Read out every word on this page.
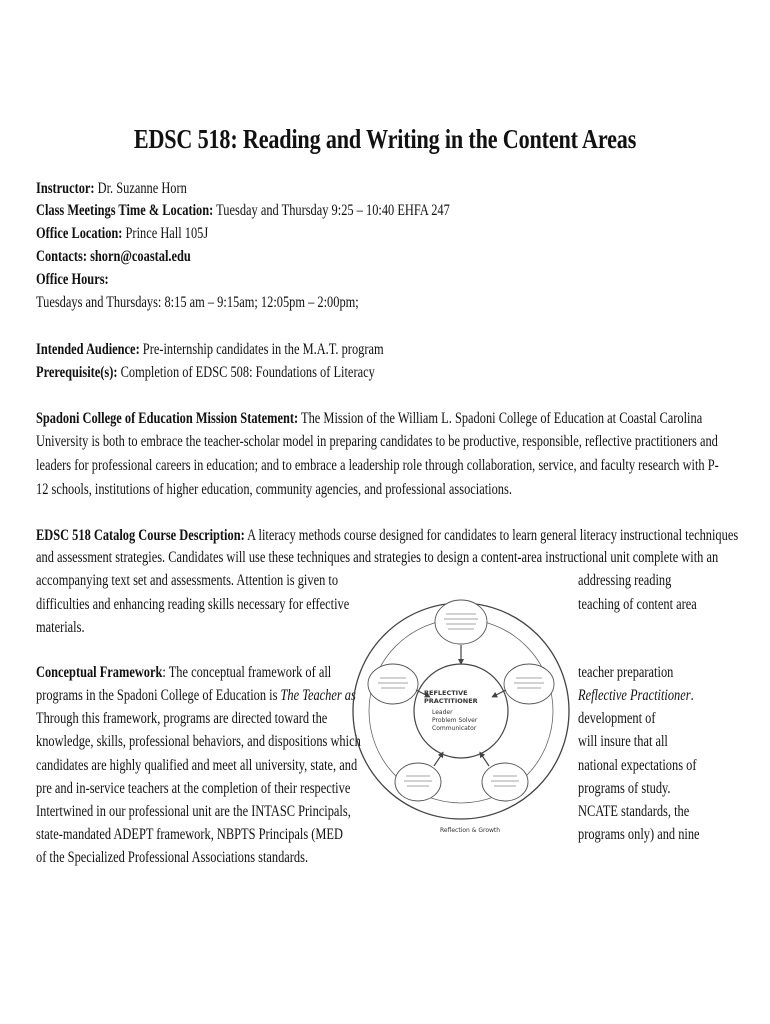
EDSC 518: Reading and Writing in the Content Areas
Instructor: Dr. Suzanne Horn
Class Meetings Time & Location: Tuesday and Thursday 9:25 – 10:40 EHFA 247
Office Location: Prince Hall 105J
Contacts: shorn@coastal.edu
Office Hours:
Tuesdays and Thursdays: 8:15 am – 9:15am; 12:05pm – 2:00pm;
Intended Audience: Pre-internship candidates in the M.A.T. program
Prerequisite(s): Completion of EDSC 508: Foundations of Literacy
Spadoni College of Education Mission Statement: The Mission of the William L. Spadoni College of Education at Coastal Carolina
University is both to embrace the teacher-scholar model in preparing candidates to be productive, responsible, reflective practitioners and
leaders for professional careers in education; and to embrace a leadership role through collaboration, service, and faculty research with P-
12 schools, institutions of higher education, community agencies, and professional associations.
EDSC 518 Catalog Course Description: A literacy methods course designed for candidates to learn general literacy instructional techniques
and assessment strategies. Candidates will use these techniques and strategies to design a content-area instructional unit complete with an
accompanying text set and assessments. Attention is given to
difficulties and enhancing reading skills necessary for effective
materials.
addressing reading
teaching of content area
Conceptual Framework: The conceptual framework of all
programs in the Spadoni College of Education is The Teacher as
Through this framework, programs are directed toward the
knowledge, skills, professional behaviors, and dispositions which
candidates are highly qualified and meet all university, state, and
pre and in-service teachers at the completion of their respective
Intertwined in our professional unit are the INTASC Principals,
state-mandated ADEPT framework, NBPTS Principals (MED
of the Specialized Professional Associations standards.
teacher preparation
Reflective Practitioner.
development of
will insure that all
national expectations of
programs of study.
NCATE standards, the
programs only) and nine
REFLECTIVE
PRACTITIONER
Leader
Problem Solver
Communicator
Reflection & Growth
